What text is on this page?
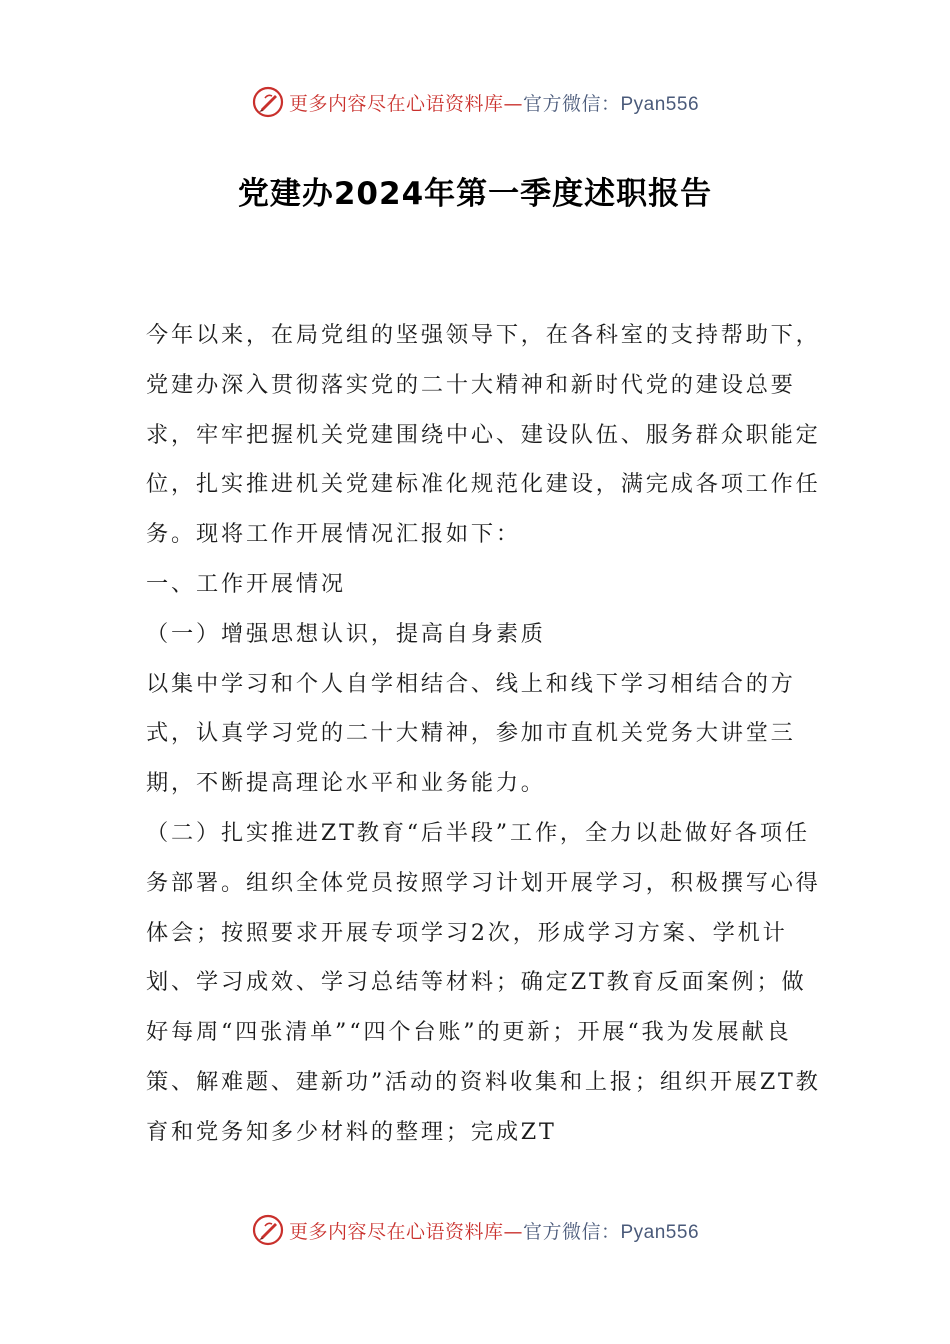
更多内容尽在心语资料库—官方微信：Pyan556
党建办2024年第一季度述职报告

今年以来，在局党组的坚强领导下，在各科室的支持帮助下，党建办深入贯彻落实党的二十大精神和新时代党的建设总要求，牢牢把握机关党建围绕中心、建设队伍、服务群众职能定位，扎实推进机关党建标准化规范化建设，满完成各项工作任务。现将工作开展情况汇报如下：

一、工作开展情况

（一）增强思想认识，提高自身素质

以集中学习和个人自学相结合、线上和线下学习相结合的方式，认真学习党的二十大精神，参加市直机关党务大讲堂三期，不断提高理论水平和业务能力。

（二）扎实推进ZT教育“后半段”工作，全力以赴做好各项任务部署。组织全体党员按照学习计划开展学习，积极撰写心得体会；按照要求开展专项学习2次，形成学习方案、学机计划、学习成效、学习总结等材料；确定ZT教育反面案例；做好每周“四张清单”“四个台账”的更新；开展“我为发展献良策、解难题、建新功”活动的资料收集和上报；组织开展ZT教育和党务知多少材料的整理；完成ZT

更多内容尽在心语资料库—官方微信：Pyan556
